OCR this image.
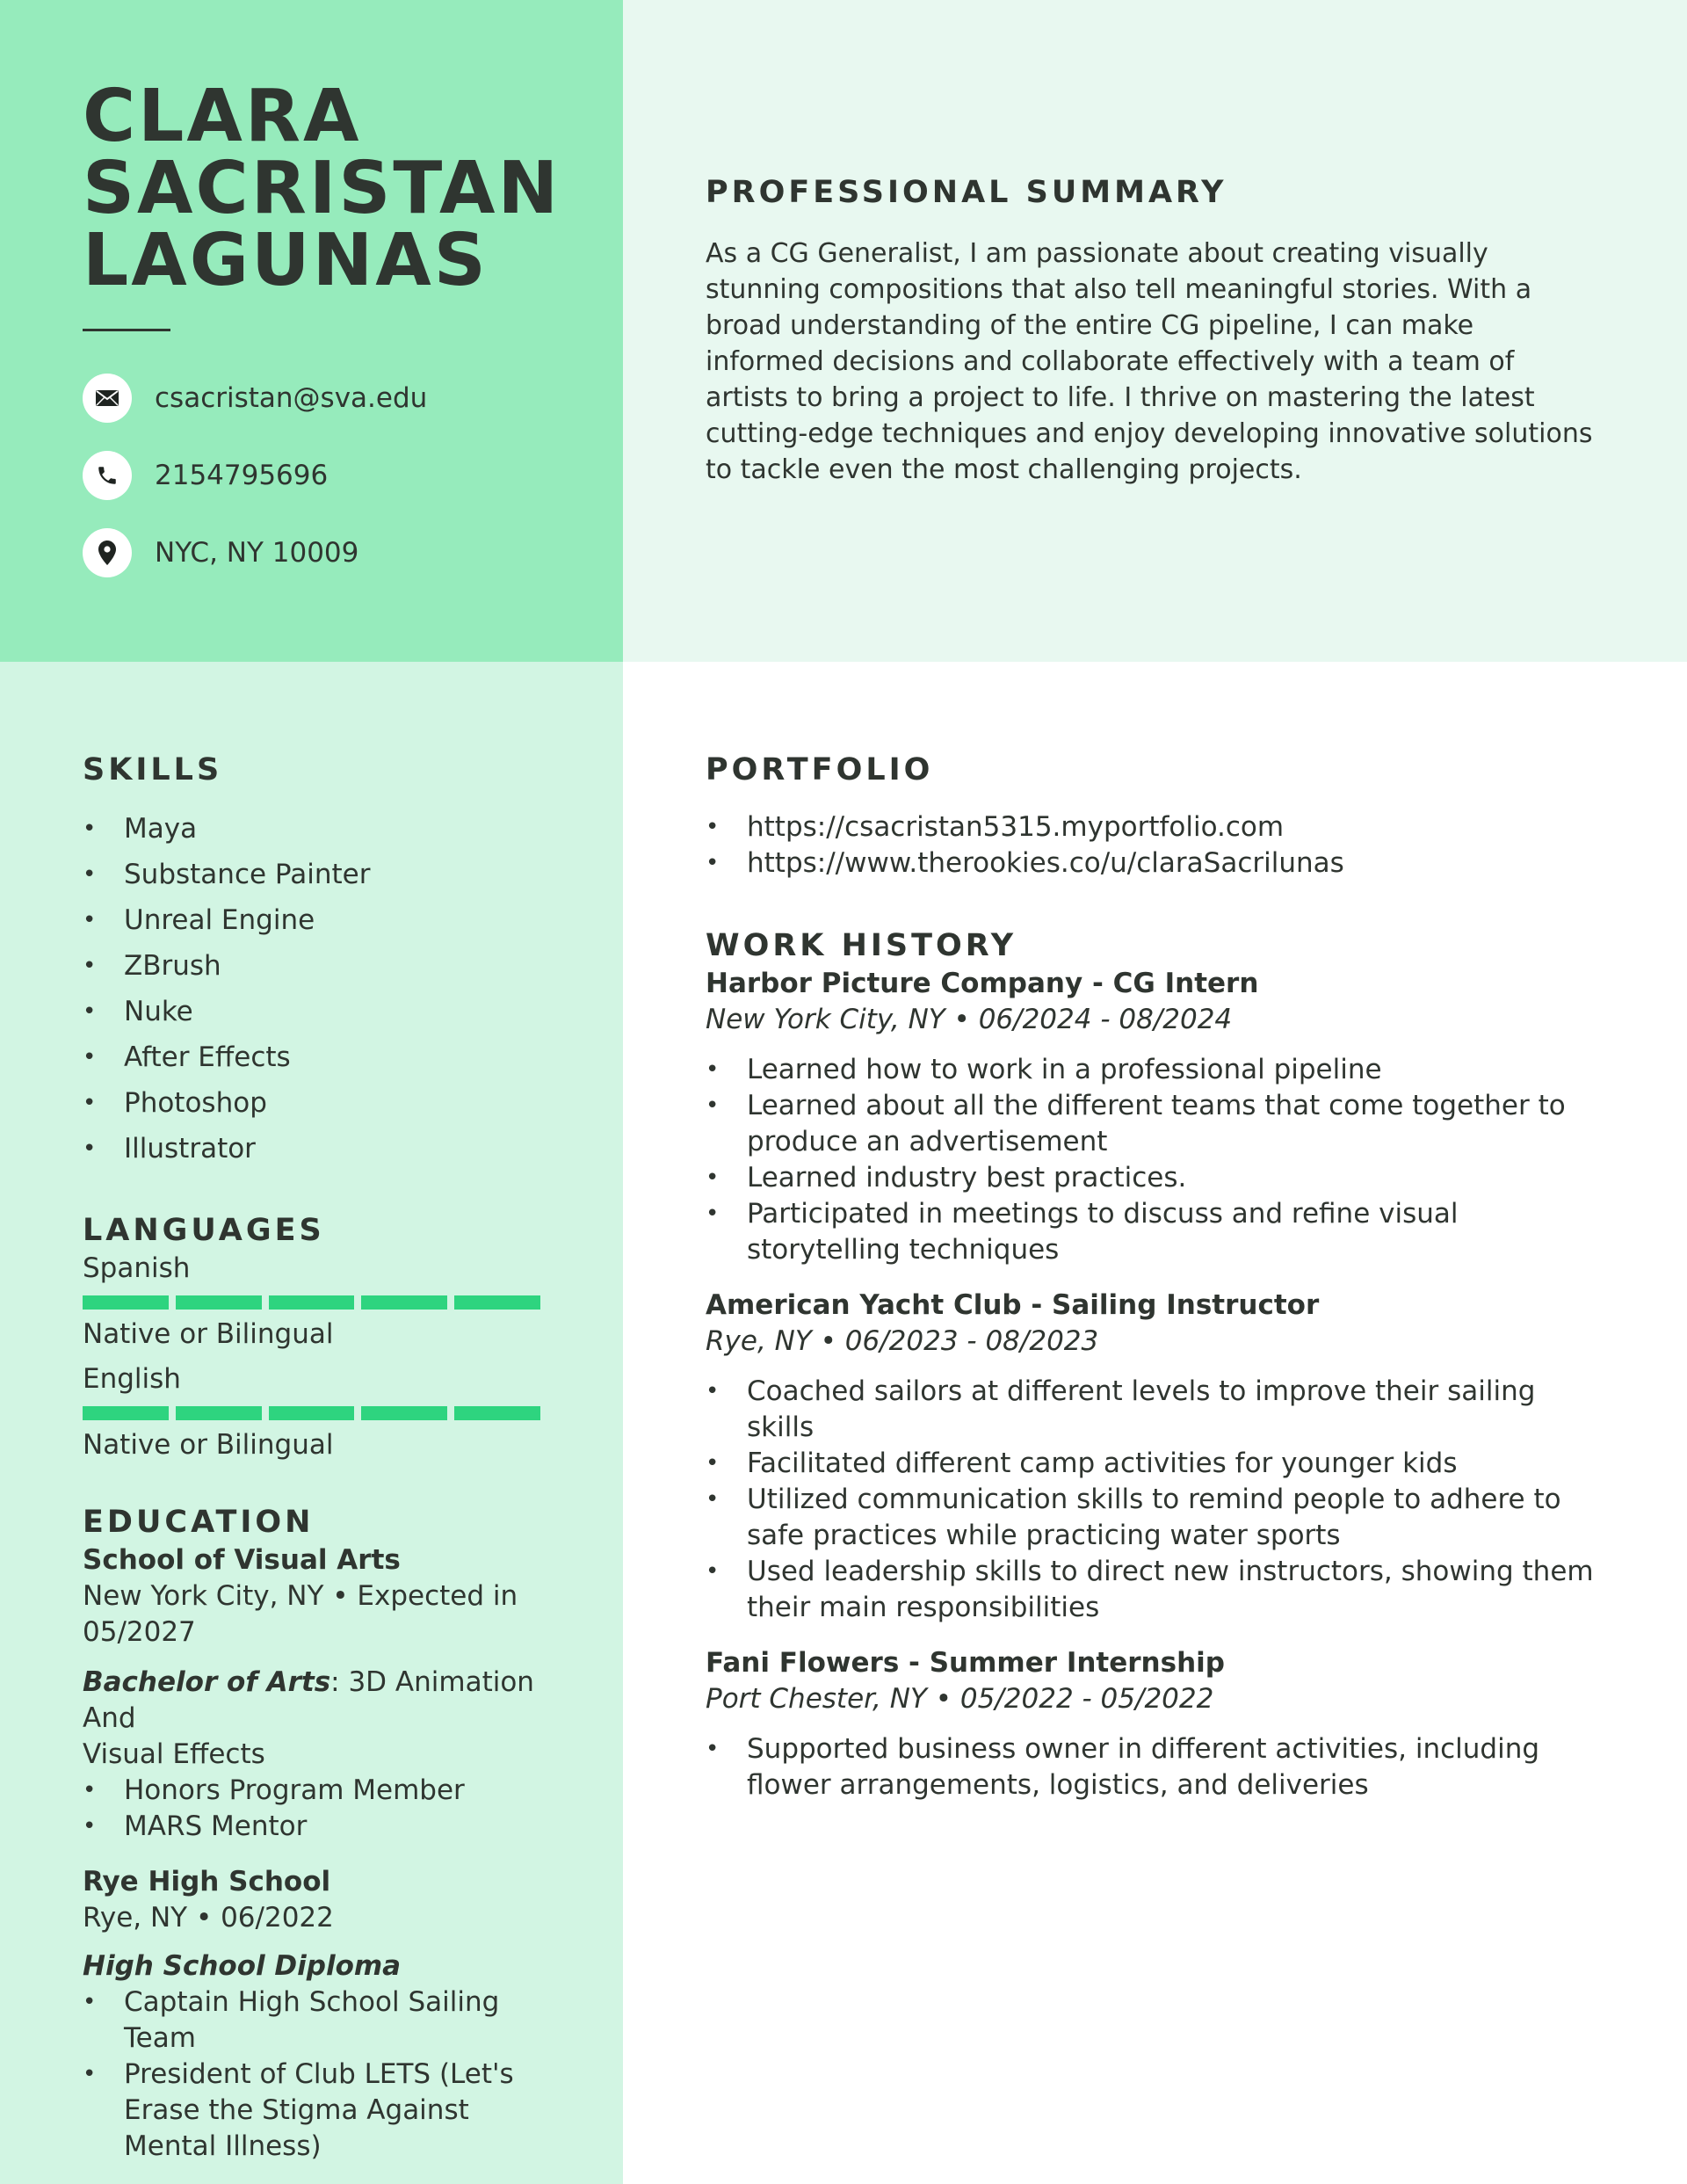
CLARA
SACRISTAN
LAGUNAS
csacristan@sva.edu
2154795696
NYC, NY 10009
PROFESSIONAL SUMMARY
As a CG Generalist, I am passionate about creating visually stunning compositions that also tell meaningful stories. With a broad understanding of the entire CG pipeline, I can make informed decisions and collaborate effectively with a team of artists to bring a project to life. I thrive on mastering the latest cutting-edge techniques and enjoy developing innovative solutions to tackle even the most challenging projects.
SKILLS
• Maya
• Substance Painter
• Unreal Engine
• ZBrush
• Nuke
• After Effects
• Photoshop
• Illustrator
LANGUAGES
Spanish
Native or Bilingual
English
Native or Bilingual
EDUCATION
School of Visual Arts
New York City, NY • Expected in
05/2027
Bachelor of Arts: 3D Animation And
Visual Effects
• Honors Program Member
• MARS Mentor
Rye High School
Rye, NY • 06/2022
High School Diploma
• Captain High School Sailing Team
• President of Club LETS (Let's Erase the Stigma Against Mental Illness)
PORTFOLIO
• https://csacristan5315.myportfolio.com
• https://www.therookies.co/u/claraSacrilunas
WORK HISTORY
Harbor Picture Company - CG Intern
New York City, NY • 06/2024 - 08/2024
• Learned how to work in a professional pipeline
• Learned about all the different teams that come together to produce an advertisement
• Learned industry best practices.
• Participated in meetings to discuss and refine visual storytelling techniques
American Yacht Club - Sailing Instructor
Rye, NY • 06/2023 - 08/2023
• Coached sailors at different levels to improve their sailing skills
• Facilitated different camp activities for younger kids
• Utilized communication skills to remind people to adhere to safe practices while practicing water sports
• Used leadership skills to direct new instructors, showing them their main responsibilities
Fani Flowers - Summer Internship
Port Chester, NY • 05/2022 - 05/2022
• Supported business owner in different activities, including flower arrangements, logistics, and deliveries
